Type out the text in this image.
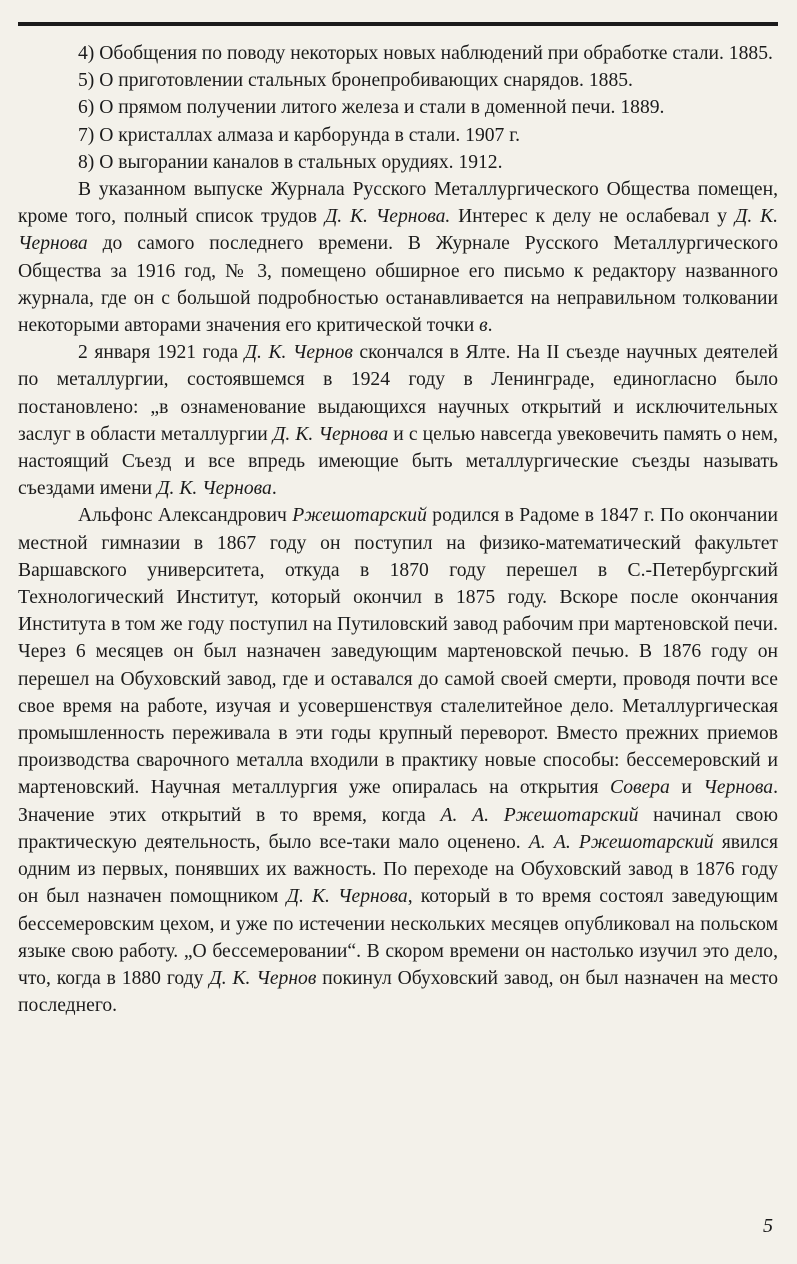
4) Обобщения по поводу некоторых новых наблюдений при обработке стали. 1885.

5) О приготовлении стальных бронепробивающих снарядов. 1885.

6) О прямом получении литого железа и стали в доменной печи. 1889.

7) О кристаллах алмаза и карборунда в стали. 1907 г.

8) О выгорании каналов в стальных орудиях. 1912.

В указанном выпуске Журнала Русского Металлургического Общества помещен, кроме того, полный список трудов Д. К. Чернова. Интерес к делу не ослабевал у Д. К. Чернова до самого последнего времени. В Журнале Русского Металлургического Общества за 1916 год, № 3, помещено обширное его письмо к редактору названного журнала, где он с большой подробностью останавливается на неправильном толковании некоторыми авторами значения его критической точки в.

2 января 1921 года Д. К. Чернов скончался в Ялте. На II съезде научных деятелей по металлургии, состоявшемся в 1924 году в Ленинграде, единогласно было постановлено: „в ознаменование выдающихся научных открытий и исключительных заслуг в области металлургии Д. К. Чернова и с целью навсегда увековечить память о нем, настоящий Съезд и все впредь имеющие быть металлургические съезды называть съездами имени Д. К. Чернова.

Альфонс Александрович Ржешотарский родился в Радоме в 1847 г. По окончании местной гимназии в 1867 году он поступил на физико-математический факультет Варшавского университета, откуда в 1870 году перешел в С.-Петербургский Технологический Институт, который окончил в 1875 году. Вскоре после окончания Института в том же году поступил на Путиловский завод рабочим при мартеновской печи. Через 6 месяцев он был назначен заведующим мартеновской печью. В 1876 году он перешел на Обуховский завод, где и оставался до самой своей смерти, проводя почти все свое время на работе, изучая и усовершенствуя сталелитейное дело. Металлургическая промышленность переживала в эти годы крупный переворот. Вместо прежних приемов производства сварочного металла входили в практику новые способы: бессемеровский и мартеновский. Научная металлургия уже опиралась на открытия Совера и Чернова. Значение этих открытий в то время, когда А. А. Ржешотарский начинал свою практическую деятельность, было все-таки мало оценено. А. А. Ржешотарский явился одним из первых, понявших их важность. По переходе на Обуховский завод в 1876 году он был назначен помощником Д. К. Чернова, который в то время состоял заведующим бессемеровским цехом, и уже по истечении нескольких месяцев опубликовал на польском языке свою работу. „О бессемеровании“. В скором времени он настолько изучил это дело, что, когда в 1880 году Д. К. Чернов покинул Обуховский завод, он был назначен на место последнего.

5
